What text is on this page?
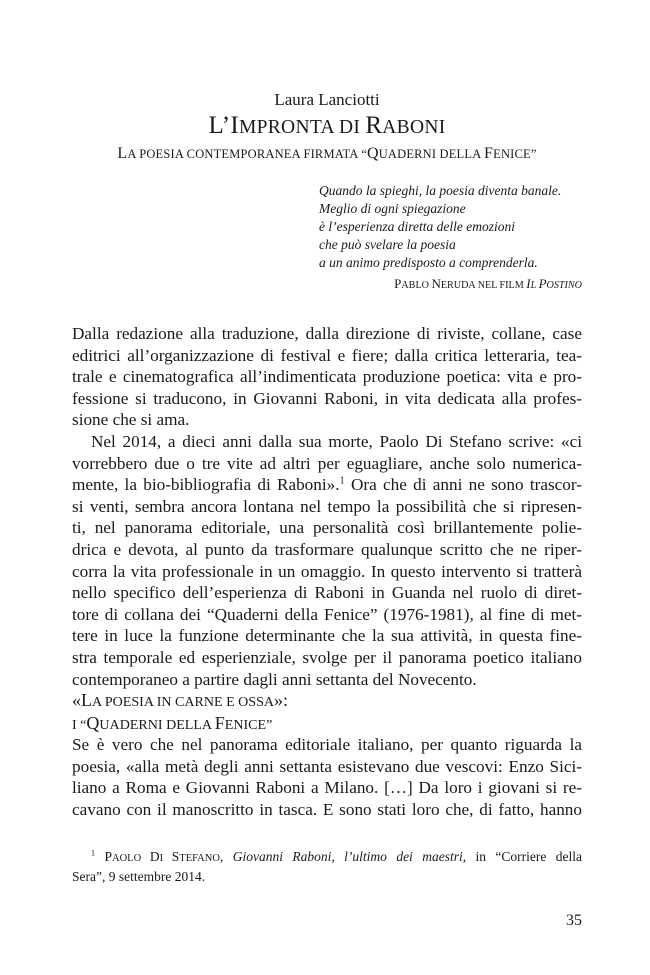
Laura Lanciotti
L’IMPRONTA DI RABONI
LA POESIA CONTEMPORANEA FIRMATA “QUADERNI DELLA FENICE”
Quando la spieghi, la poesia diventa banale.
Meglio di ogni spiegazione
è l’esperienza diretta delle emozioni
che può svelare la poesia
a un animo predisposto a comprenderla.
PABLO NERUDA NEL FILM IL POSTINO
Dalla redazione alla traduzione, dalla direzione di riviste, collane, case
editrici all’organizzazione di festival e fiere; dalla critica letteraria, tea-
trale e cinematografica all’indimenticata produzione poetica: vita e pro-
fessione si traducono, in Giovanni Raboni, in vita dedicata alla profes-
sione che si ama.
Nel 2014, a dieci anni dalla sua morte, Paolo Di Stefano scrive: «ci
vorrebbero due o tre vite ad altri per eguagliare, anche solo numerica-
mente, la bio-bibliografia di Raboni».$^1$ Ora che di anni ne sono trascor-
si venti, sembra ancora lontana nel tempo la possibilità che si ripresen-
ti, nel panorama editoriale, una personalità così brillantemente polie-
drica e devota, al punto da trasformare qualunque scritto che ne riper-
corra la vita professionale in un omaggio. In questo intervento si tratterà
nello specifico dell’esperienza di Raboni in Guanda nel ruolo di diret-
tore di collana dei “Quaderni della Fenice” (1976-1981), al fine di met-
tere in luce la funzione determinante che la sua attività, in questa fine-
stra temporale ed esperienziale, svolge per il panorama poetico italiano
contemporaneo a partire dagli anni settanta del Novecento.
«LA POESIA IN CARNE E OSSA»:
I “QUADERNI DELLA FENICE”
Se è vero che nel panorama editoriale italiano, per quanto riguarda la
poesia, «alla metà degli anni settanta esistevano due vescovi: Enzo Sici-
liano a Roma e Giovanni Raboni a Milano. […] Da loro i giovani si re-
cavano con il manoscritto in tasca. E sono stati loro che, di fatto, hanno
$^1$ PAOLO DI STEFANO, Giovanni Raboni, l’ultimo dei maestri, in “Corriere della
Sera”, 9 settembre 2014.
35
